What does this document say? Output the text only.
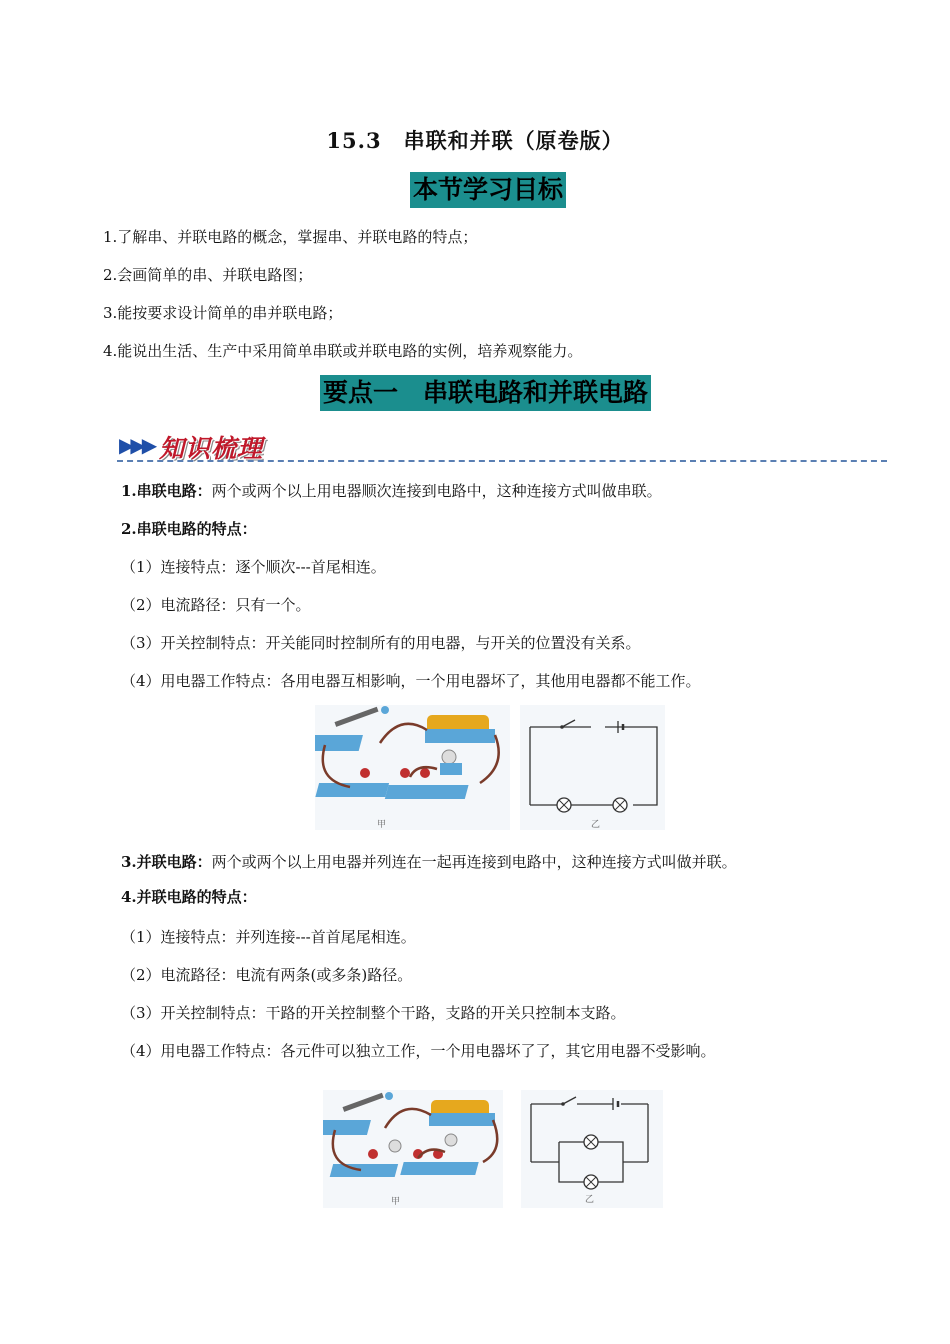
15.3 串联和并联（原卷版）
本节学习目标
1.了解串、并联电路的概念，掌握串、并联电路的特点；
2.会画简单的串、并联电路图；
3.能按要求设计简单的串并联电路；
4.能说出生活、生产中采用简单串联或并联电路的实例，培养观察能力。
要点一　串联电路和并联电路
▶▶▶ 知识梳理
1.串联电路：两个或两个以上用电器顺次连接到电路中，这种连接方式叫做串联。
2.串联电路的特点：
（1）连接特点：逐个顺次---首尾相连。
（2）电流路径：只有一个。
（3）开关控制特点：开关能同时控制所有的用电器，与开关的位置没有关系。
（4）用电器工作特点：各用电器互相影响，一个用电器坏了，其他用电器都不能工作。
甲	乙
3.并联电路：两个或两个以上用电器并列连在一起再连接到电路中，这种连接方式叫做并联。
4.并联电路的特点：
（1）连接特点：并列连接---首首尾尾相连。
（2）电流路径：电流有两条(或多条)路径。
（3）开关控制特点：干路的开关控制整个干路，支路的开关只控制本支路。
（4）用电器工作特点：各元件可以独立工作，一个用电器坏了了，其它用电器不受影响。
甲	乙
